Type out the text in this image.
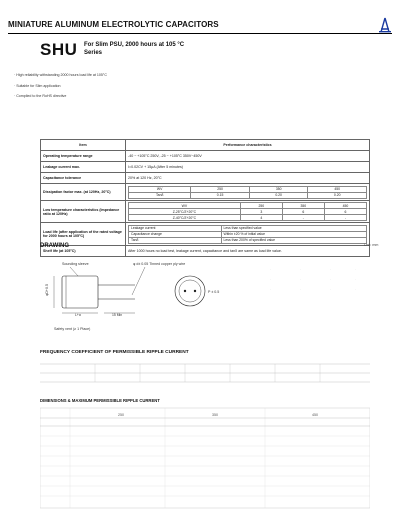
MINIATURE ALUMINUM ELECTROLYTIC CAPACITORS
SHU For Slim PSU, 2000 hours at 105 °C
Series
· High reliability withstanding 2000 hours load life at 105°C
· Suitable for Slim application
· Complied to the RoHS directive
Item	Performance characteristics
Operating temperature range	-40 ~ +105°C 250V, -25 ~ +105°C 350V~450V
Leakage current max.	I=0.02CV + 15μA (After 5 minutes)
Capacitance tolerance	20% at 120 Hz, 20°C
Dissipation factor max. (at 120Hz, 20°C)	
WV	250	350	450
Tanδ	0.15	0.20	0.20

Low temperature characteristics (Impedance ratio at 120Hz)	
WV	250	350	450
Z-25°C/Z+20°C	3	6	6
Z-40°C/Z+20°C	4	-	-

Load life (after application of the rated voltage for 2000 hours at 105°C)	
Leakage current	Less than specified value
Capacitance change	Within ±20 % of initial value
Tanδ	Less than 200% of specified value

Shelf life (at 105°C)	After 1000 hours no load test, leakage current, capacitance and tanδ are same as load life value.
DRAWING	Unit: mm
Sounding sleeve	φ d± 0.05 Tinned copper ply wire
φD+0.5
L+α	15 Min
Safety vent (≥ 1 Place)
P ± 0.5
·	·	·	·
·	·	·	·
·	·	·	·
FREQUENCY COEFFICIENT OF PERMISSIBLE RIPPLE CURRENT
DIMENSIONS & MAXIMUM PERMISSIBLE RIPPLE CURRENT
250	350	450
